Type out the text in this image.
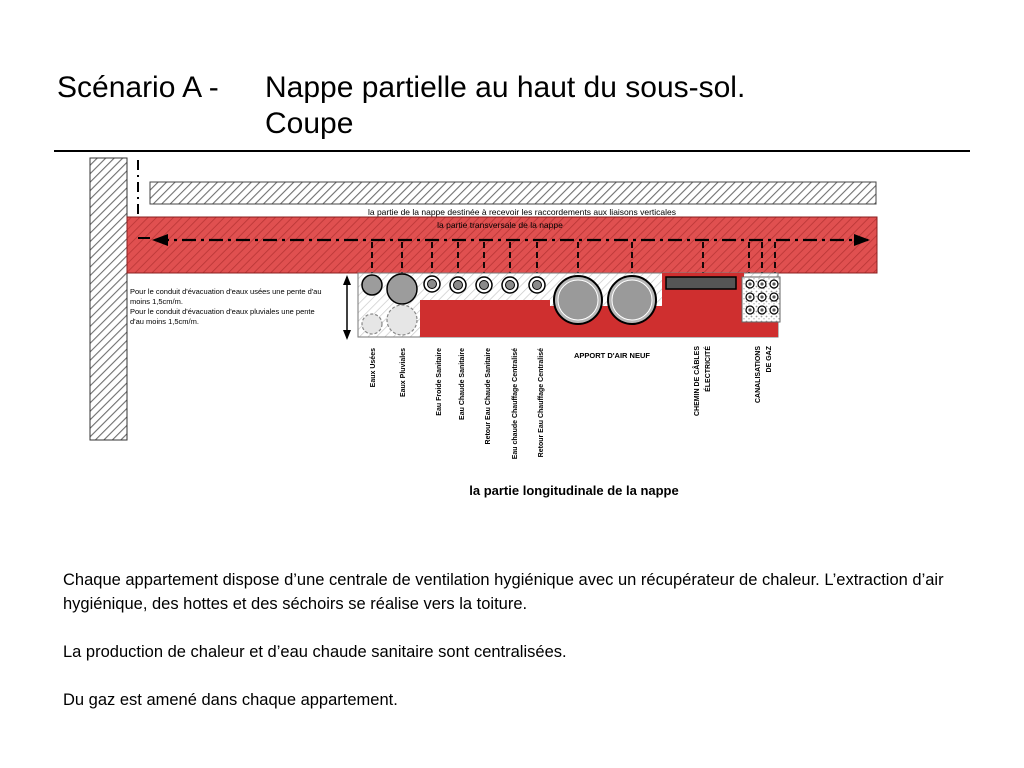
Scénario A - Nappe partielle au haut du sous-sol.
Coupe
la partie de la nappe destinée à recevoir les raccordements aux liaisons verticales
la partie transversale de la nappe
Pour le conduit d'évacuation d'eaux usées une pente d'au moins 1,5cm/m. Pour le conduit d'évacuation d'eaux pluviales une pente d'au moins 1,5cm/m.
Eaux Usées	Eaux Pluviales	Eau Froide Sanitaire Eau Chaude Sanitaire	Retour Eau Chaude Sanitaire	Eau chaude Chauffage Centralisé	Retour Eau Chauffage Centralisé	APPORT D'AIR NEUF	CHEMIN DE CÂBLES ÉLECTRICITÉ	CANALISATIONS DE GAZ
la partie longitudinale de la nappe

Chaque appartement dispose d’une centrale de ventilation hygiénique avec un récupérateur de chaleur. L’extraction d’air hygiénique, des hottes et des séchoirs se réalise vers la toiture.

La production de chaleur et d’eau chaude sanitaire sont centralisées.

Du gaz est amené dans chaque appartement.
